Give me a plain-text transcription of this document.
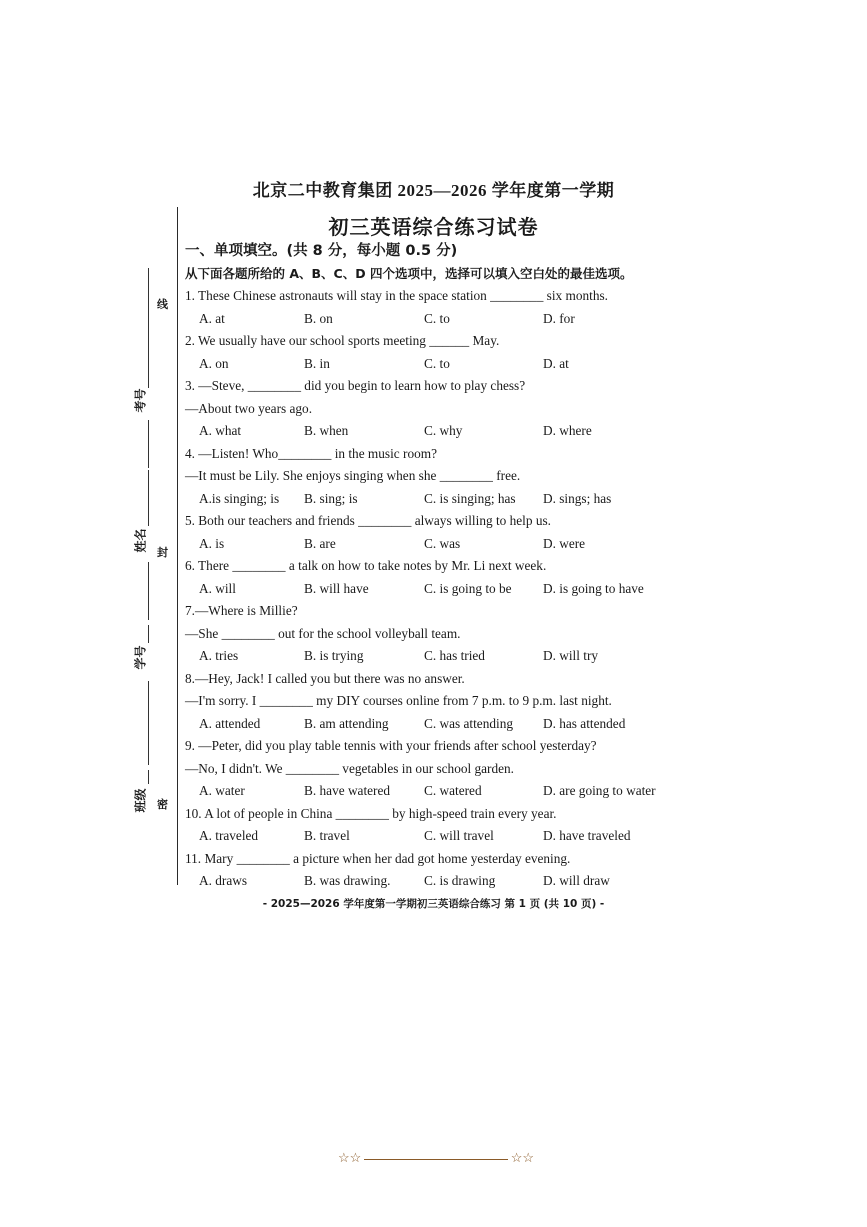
北京二中教育集团 2025—2026 学年度第一学期
初三英语综合练习试卷
线
封
密
考号
姓名
学号
班级
一、单项填空。(共 8 分，每小题 0.5 分)
从下面各题所给的 A、B、C、D 四个选项中，选择可以填入空白处的最佳选项。
1. These Chinese astronauts will stay in the space station ________ six months.
A. at	B. on	C. to	D. for
2. We usually have our school sports meeting ______ May.
A. on	B. in	C. to	D. at
3. —Steve, ________ did you begin to learn how to play chess?
—About two years ago.
A. what	B. when	C. why	D. where
4. —Listen! Who________ in the music room?
—It must be Lily. She enjoys singing when she ________ free.
A.is singing; is	B. sing; is	C. is singing; has	D. sings; has
5. Both our teachers and friends ________ always willing to help us.
A. is	B. are	C. was	D. were
6. There ________ a talk on how to take notes by Mr. Li next week.
A. will	B. will have	C. is going to be	D. is going to have
7.—Where is Millie?
—She ________ out for the school volleyball team.
A. tries	B. is trying	C. has tried	D. will try
8.—Hey, Jack! I called you but there was no answer.
—I'm sorry. I ________ my DIY courses online from 7 p.m. to 9 p.m. last night.
A. attended	B. am attending	C. was attending	D. has attended
9. —Peter, did you play table tennis with your friends after school yesterday?
—No, I didn't. We ________ vegetables in our school garden.
A. water	B. have watered	C. watered	D. are going to water
10. A lot of people in China ________ by high-speed train every year.
A. traveled	B. travel	C. will travel	D. have traveled
11. Mary ________ a picture when her dad got home yesterday evening.
A. draws	B. was drawing.	C. is drawing	D. will draw
- 2025—2026 学年度第一学期初三英语综合练习 第 1 页 (共 10 页) -
☆☆	☆☆
